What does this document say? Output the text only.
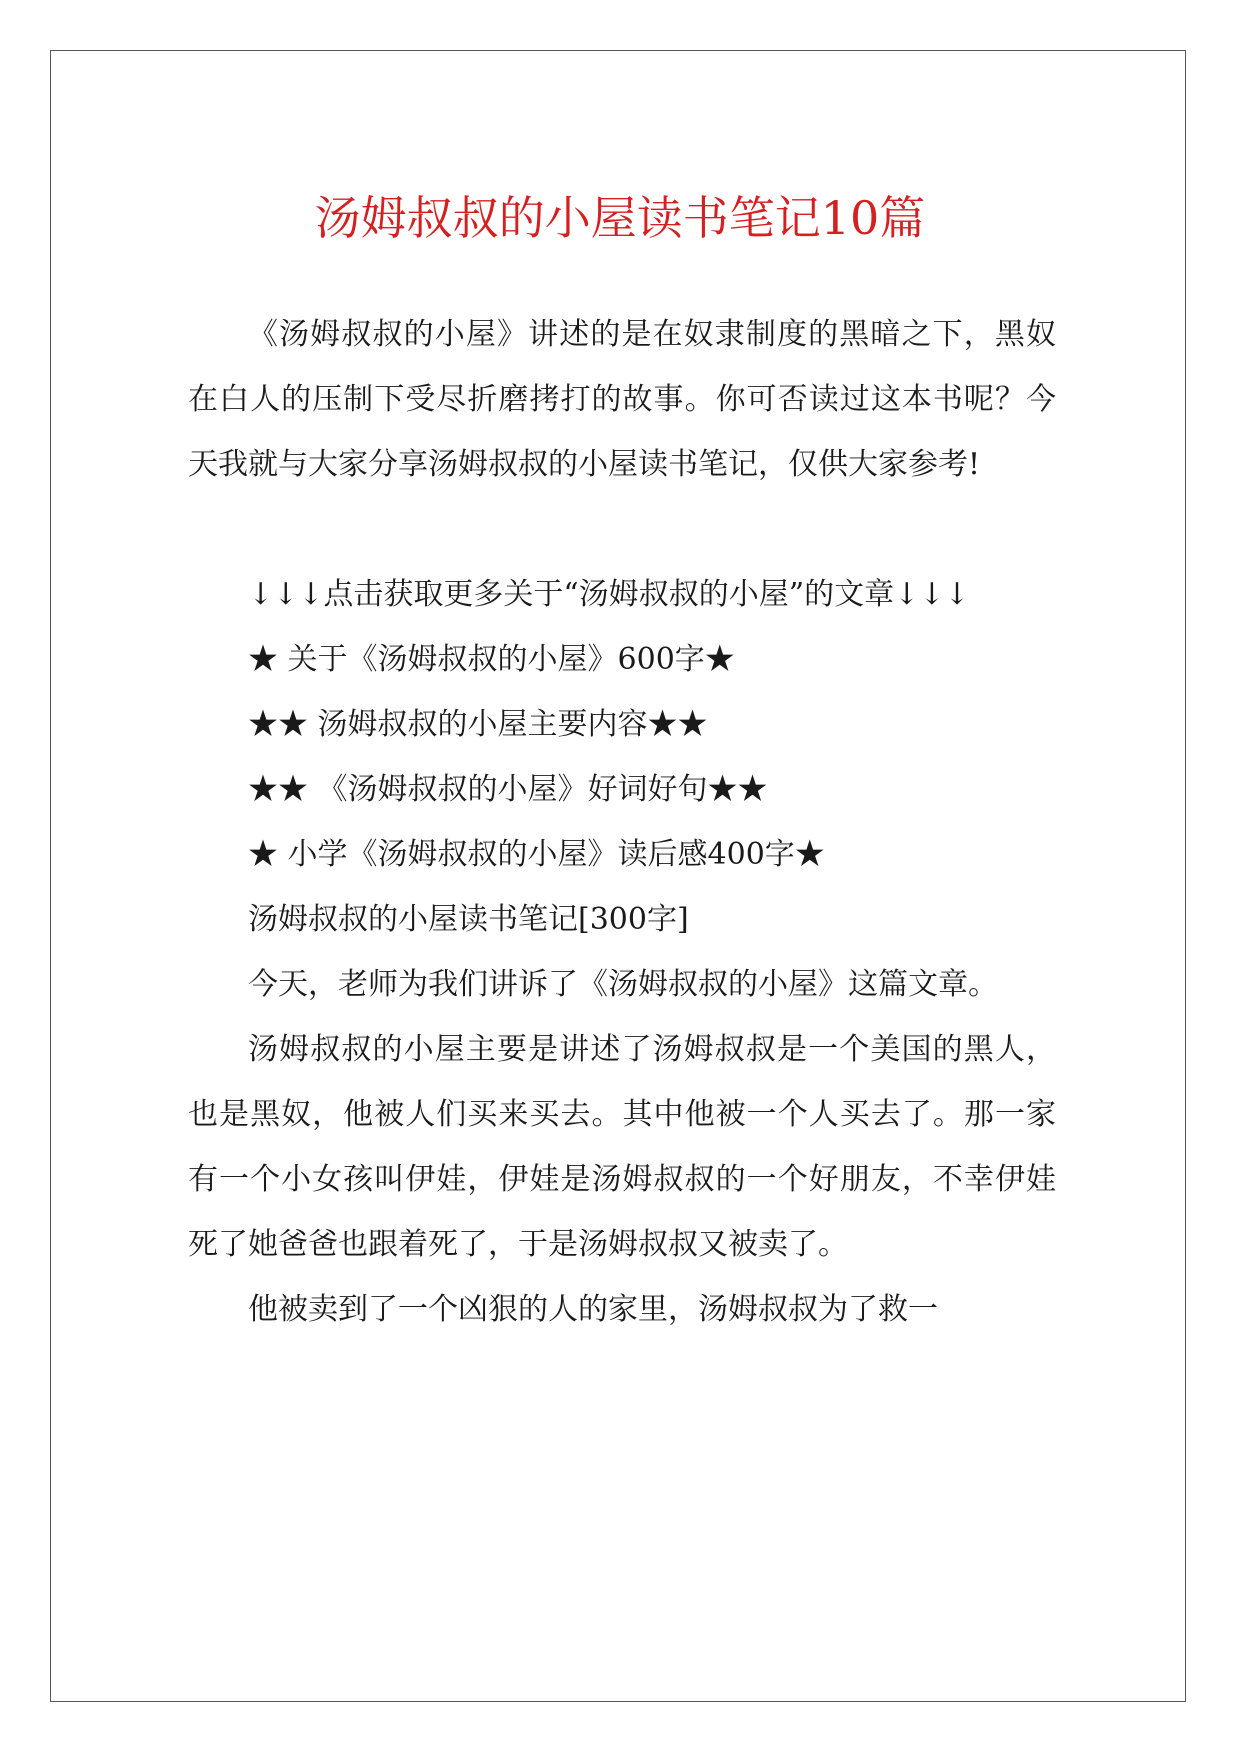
汤姆叔叔的小屋读书笔记10篇

《汤姆叔叔的小屋》讲述的是在奴隶制度的黑暗之下，黑奴在白人的压制下受尽折磨拷打的故事。你可否读过这本书呢？今天我就与大家分享汤姆叔叔的小屋读书笔记，仅供大家参考!

↓↓↓点击获取更多关于“汤姆叔叔的小屋”的文章↓↓↓

★ 关于《汤姆叔叔的小屋》600字★

★★ 汤姆叔叔的小屋主要内容★★

★★ 《汤姆叔叔的小屋》好词好句★★

★ 小学《汤姆叔叔的小屋》读后感400字★

汤姆叔叔的小屋读书笔记[300字]

今天，老师为我们讲诉了《汤姆叔叔的小屋》这篇文章。

汤姆叔叔的小屋主要是讲述了汤姆叔叔是一个美国的黑人，也是黑奴，他被人们买来买去。其中他被一个人买去了。那一家有一个小女孩叫伊娃，伊娃是汤姆叔叔的一个好朋友，不幸伊娃死了她爸爸也跟着死了，于是汤姆叔叔又被卖了。

他被卖到了一个凶狠的人的家里，汤姆叔叔为了救一
